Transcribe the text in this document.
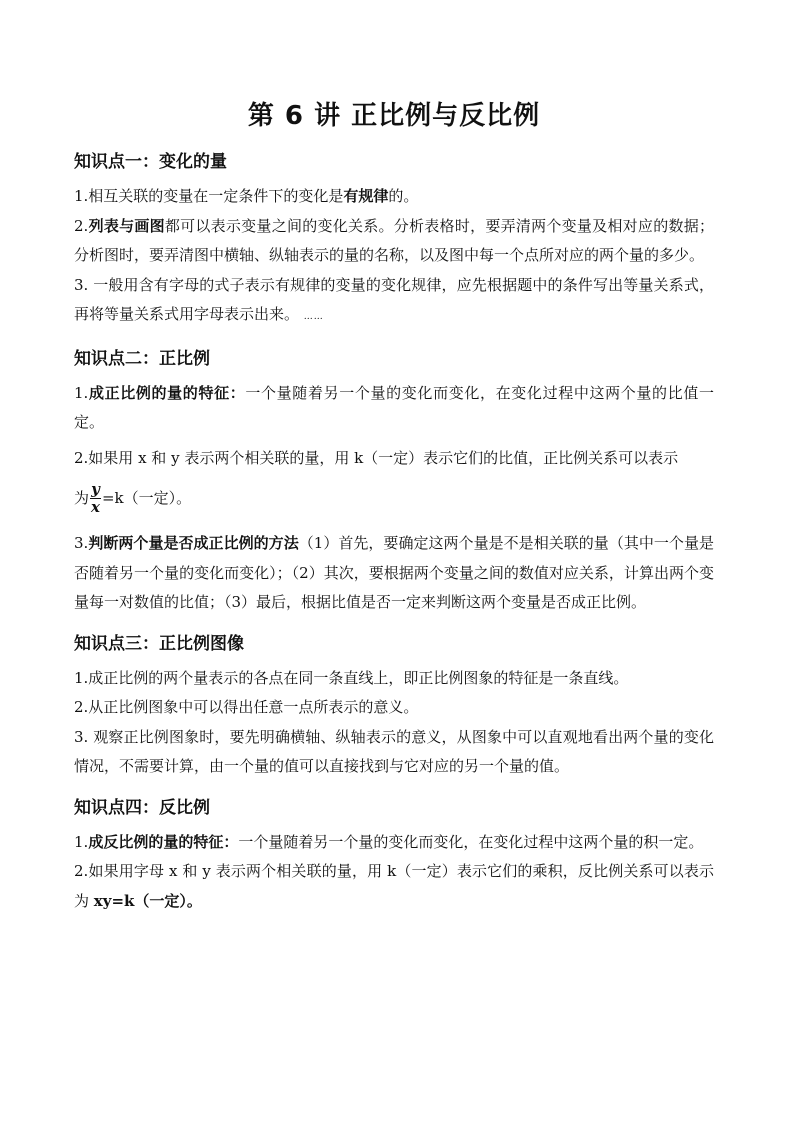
第 6 讲 正比例与反比例
知识点一：变化的量

1.相互关联的变量在一定条件下的变化是有规律的。

2.列表与画图都可以表示变量之间的变化关系。分析表格时，要弄清两个变量及相对应的数据；分析图时，要弄清图中横轴、纵轴表示的量的名称，以及图中每一个点所对应的两个量的多少。

3. 一般用含有字母的式子表示有规律的变量的变化规律，应先根据题中的条件写出等量关系式，再将等量关系式用字母表示出来。 ……

知识点二：正比例

1.成正比例的量的特征：一个量随着另一个量的变化而变化，在变化过程中这两个量的比值一定。

2.如果用 x 和 y 表示两个相关联的量，用 k（一定）表示它们的比值，正比例关系可以表示

为 $\frac{y}{x} =k$（一定）。

3.判断两个量是否成正比例的方法（1）首先，要确定这两个量是不是相关联的量（其中一个量是否随着另一个量的变化而变化）；（2）其次，要根据两个变量之间的数值对应关系，计算出两个变量每一对数值的比值；（3）最后，根据比值是否一定来判断这两个变量是否成正比例。

知识点三：正比例图像

1.成正比例的两个量表示的各点在同一条直线上，即正比例图象的特征是一条直线。

2.从正比例图象中可以得出任意一点所表示的意义。

3. 观察正比例图象时，要先明确横轴、纵轴表示的意义，从图象中可以直观地看出两个量的变化情况，不需要计算，由一个量的值可以直接找到与它对应的另一个量的值。

知识点四：反比例

1.成反比例的量的特征：一个量随着另一个量的变化而变化，在变化过程中这两个量的积一定。

2.如果用字母 x 和 y 表示两个相关联的量，用 k（一定）表示它们的乘积，反比例关系可以表示为 xy=k（一定）。
